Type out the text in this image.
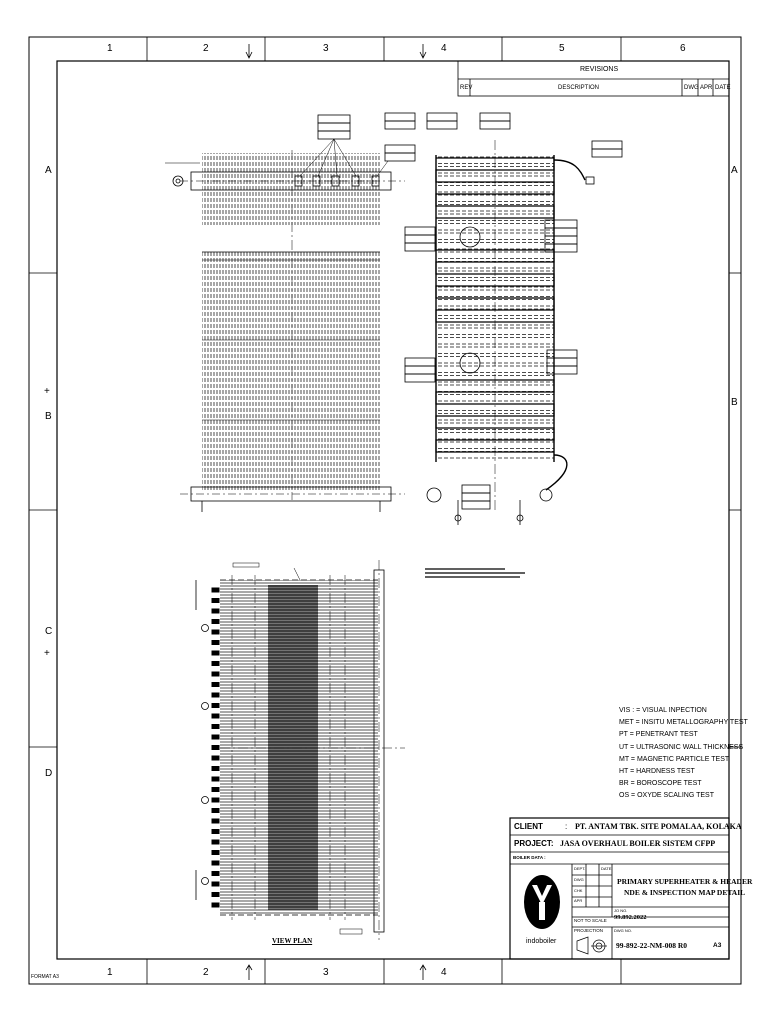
1	2	3	4	5	6
1	2	3	4
A
+
B
C
+
D
A
B
FORMAT A3
REVISIONS
REV	DESCRIPTION	DWG APR DATE
VIS : = VISUAL INPECTION
MET = INSITU METALLOGRAPHY TEST
PT = PENETRANT TEST
UT = ULTRASONIC WALL THICKNESS
MT = MAGNETIC PARTICLE TEST
HT = HARDNESS TEST
BR = BOROSCOPE TEST
OS = OXYDE SCALING TEST
CLIENT	: PT. ANTAM TBK. SITE POMALAA, KOLAKA
PROJECT: JASA OVERHAUL BOILER SISTEM CFPP
BOILER DATA :
DEPT.	DATE
DWG
CHK
APR
PRIMARY SUPERHEATER & HEADER
NDE & INSPECTION MAP DETAIL
JO NO.
99.892.2022
NOT TO SCALE
PROJECTION	DWG NO.
99-892-22-NM-008 R0	A3
indoboiler
VIEW PLAN
